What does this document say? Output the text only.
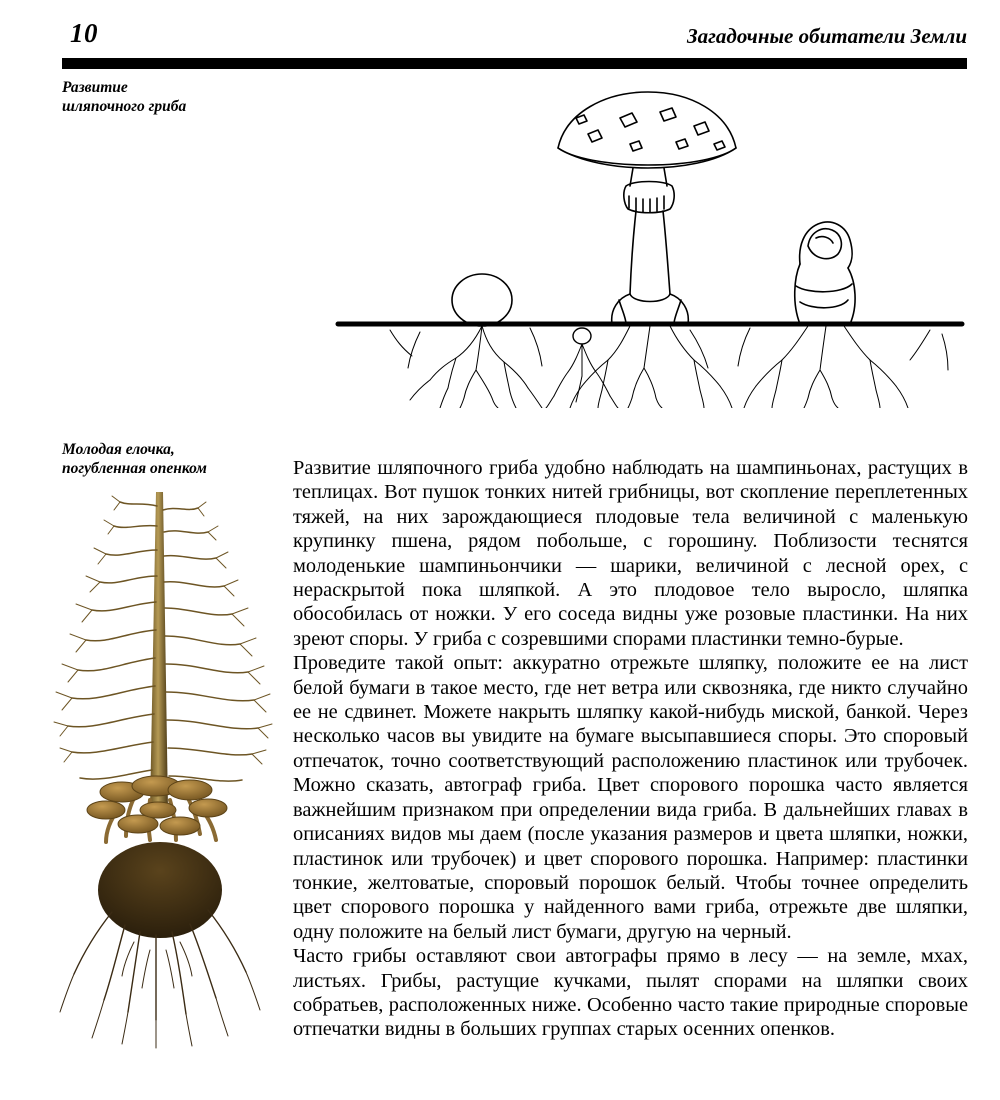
10	Загадочные обитатели Земли
Развитие
шляпочного гриба
Молодая елочка,
погубленная опенком	Развитие шляпочного гриба удобно наблюдать на шампиньонах, растущих в теплицах. Вот пушок тонких нитей грибницы, вот скопление переплетенных тяжей, на них зарождающиеся плодовые тела величиной с маленькую крупинку пшена, рядом побольше, с горошину. Поблизости теснятся молоденькие шампиньончики — шарики, величиной с лесной орех, с нераскрытой пока шляпкой. А это плодовое тело выросло, шляпка обособилась от ножки. У его соседа видны уже розовые пластинки. На них зреют споры. У гриба с созревшими спорами пластинки темно-бурые.

Проведите такой опыт: аккуратно отрежьте шляпку, положите ее на лист белой бумаги в такое место, где нет ветра или сквозняка, где никто случайно ее не сдвинет. Можете накрыть шляпку какой-нибудь миской, банкой. Через несколько часов вы увидите на бумаге высыпавшиеся споры. Это споровый отпечаток, точно соответствующий расположению пластинок или трубочек. Можно сказать, автограф гриба. Цвет спорового порошка часто является важнейшим признаком при определении вида гриба. В дальнейших главах в описаниях видов мы даем (после указания размеров и цвета шляпки, ножки, пластинок или трубочек) и цвет спорового порошка. Например: пластинки тонкие, желтоватые, споровый порошок белый. Чтобы точнее определить цвет спорового порошка у найденного вами гриба, отрежьте две шляпки, одну положите на белый лист бумаги, другую на черный.

Часто грибы оставляют свои автографы прямо в лесу — на земле, мхах, листьях. Грибы, растущие кучками, пылят спорами на шляпки своих собратьев, расположенных ниже. Особенно часто такие природные споровые отпечатки видны в больших группах старых осенних опенков.
